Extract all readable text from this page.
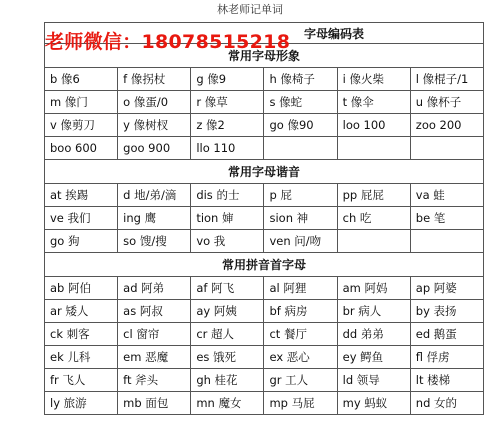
林老师记单词
老师微信：18078515218 字母编码表					
常用字母形象					
b 像6	f 像拐杖	g 像9	h 像椅子	i 像火柴	l 像棍子/1
m 像门	o 像蛋/0	r 像草	s 像蛇	t 像伞	u 像杯子
v 像剪刀	y 像树杈	z 像2	go 像90	loo 100	zoo 200
boo 600	goo 900	llo 110			
常用字母谐音					
at 挨踢	d 地/弟/滴	dis 的士	p 屁	pp 屁屁	va 蛙
ve 我们	ing 鹰	tion 婶	sion 神	ch 吃	be 笔
go 狗	so 馊/搜	vo 我	ven 问/吻		
常用拼音首字母					
ab 阿伯	ad 阿弟	af 阿飞	al 阿狸	am 阿妈	ap 阿婆
ar 矮人	as 阿叔	ay 阿姨	bf 病房	br 病人	by 表扬
ck 刺客	cl 窗帘	cr 超人	ct 餐厅	dd 弟弟	ed 鹅蛋
ek 儿科	em 恶魔	es 饿死	ex 恶心	ey 鳄鱼	fl 俘虏
fr 飞人	ft 斧头	gh 桂花	gr 工人	ld 领导	lt 楼梯
ly 旅游	mb 面包	mn 魔女	mp 马屁	my 蚂蚁	nd 女的
